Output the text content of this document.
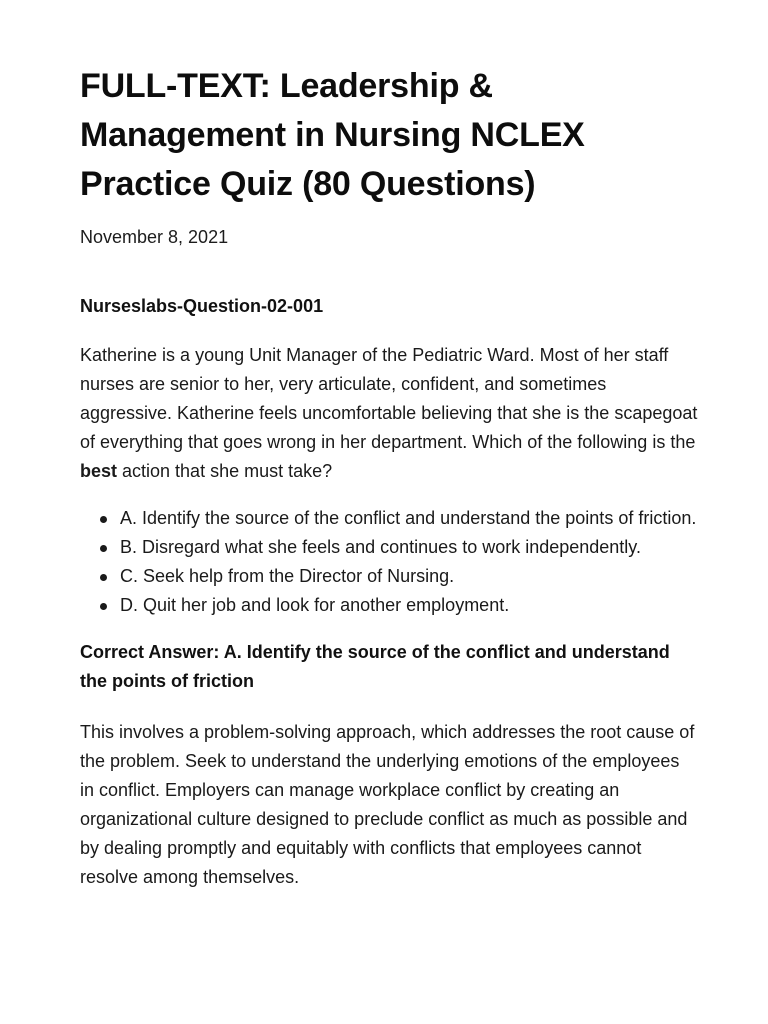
FULL-TEXT: Leadership & Management in Nursing NCLEX Practice Quiz (80 Questions)

November 8, 2021

Nurseslabs-Question-02-001

Katherine is a young Unit Manager of the Pediatric Ward. Most of her staff nurses are senior to her, very articulate, confident, and sometimes aggressive. Katherine feels uncomfortable believing that she is the scapegoat of everything that goes wrong in her department. Which of the following is the best action that she must take?

A. Identify the source of the conflict and understand the points of friction.
B. Disregard what she feels and continues to work independently.
C. Seek help from the Director of Nursing.
D. Quit her job and look for another employment.

Correct Answer: A. Identify the source of the conflict and understand the points of friction

This involves a problem-solving approach, which addresses the root cause of the problem. Seek to understand the underlying emotions of the employees in conflict. Employers can manage workplace conflict by creating an organizational culture designed to preclude conflict as much as possible and by dealing promptly and equitably with conflicts that employees cannot resolve among themselves.
